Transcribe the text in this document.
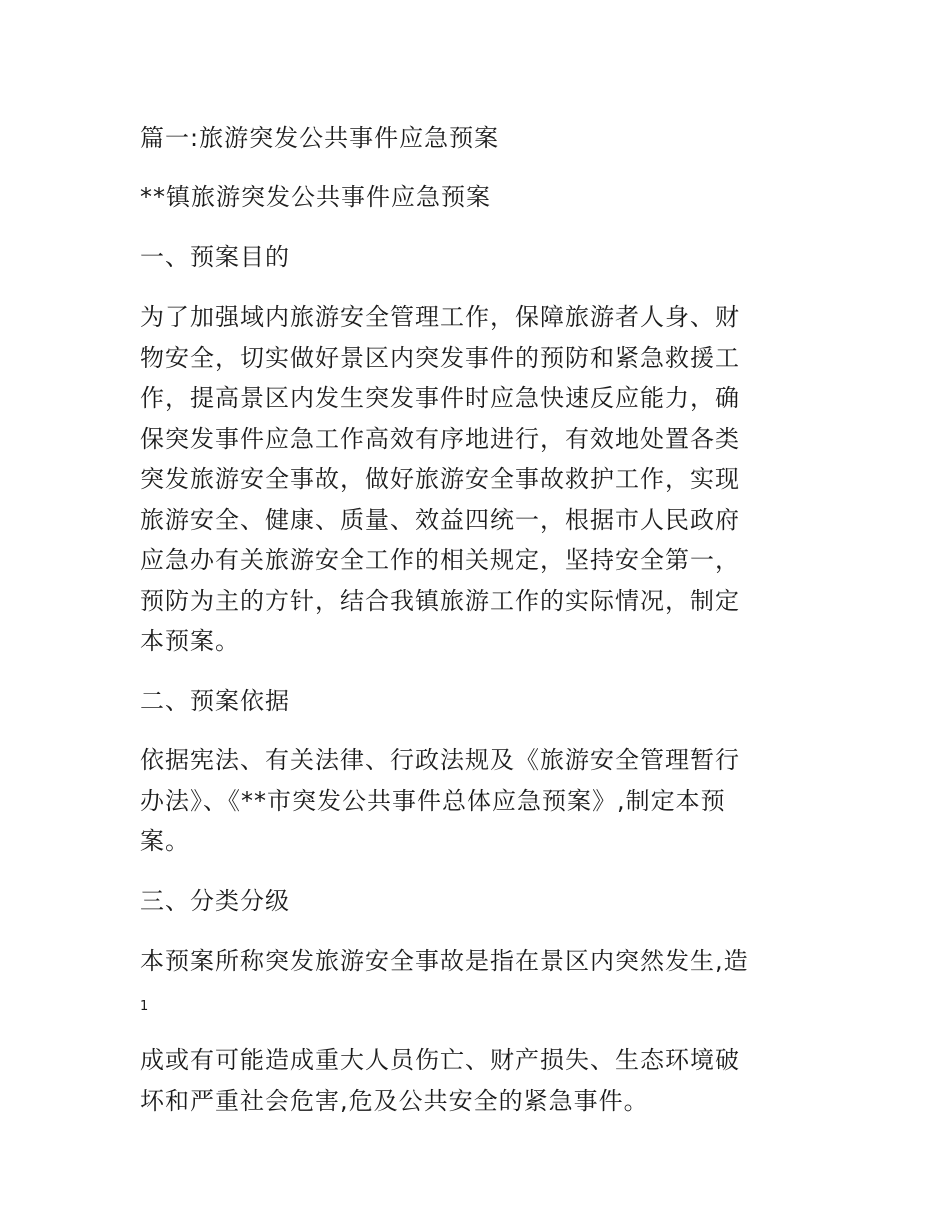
篇一:旅游突发公共事件应急预案

**镇旅游突发公共事件应急预案

一、预案目的

为了加强域内旅游安全管理工作，保障旅游者人身、财
物安全，切实做好景区内突发事件的预防和紧急救援工
作，提高景区内发生突发事件时应急快速反应能力，确
保突发事件应急工作高效有序地进行，有效地处置各类
突发旅游安全事故，做好旅游安全事故救护工作，实现
旅游安全、健康、质量、效益四统一，根据市人民政府
应急办有关旅游安全工作的相关规定，坚持安全第一，
预防为主的方针，结合我镇旅游工作的实际情况，制定
本预案。

二、预案依据

依据宪法、有关法律、行政法规及《旅游安全管理暂行
办法》、《**市突发公共事件总体应急预案》,制定本预
案。

三、分类分级

本预案所称突发旅游安全事故是指在景区内突然发生,造

1

成或有可能造成重大人员伤亡、财产损失、生态环境破
坏和严重社会危害,危及公共安全的紧急事件。
